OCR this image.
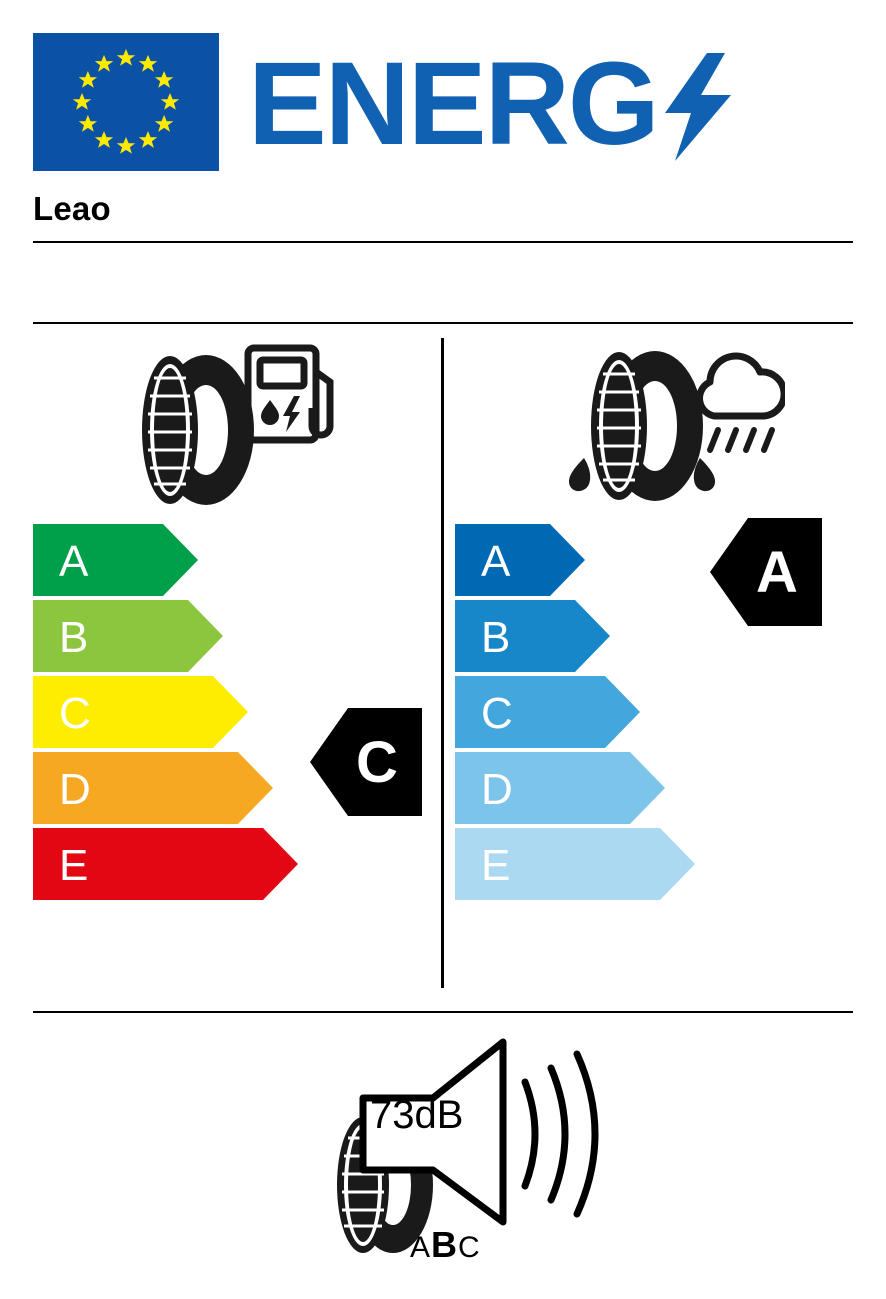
ENERG
Leao
A
B
C
D
E
C
A
B
C
D
E
A
73dB
ABC
